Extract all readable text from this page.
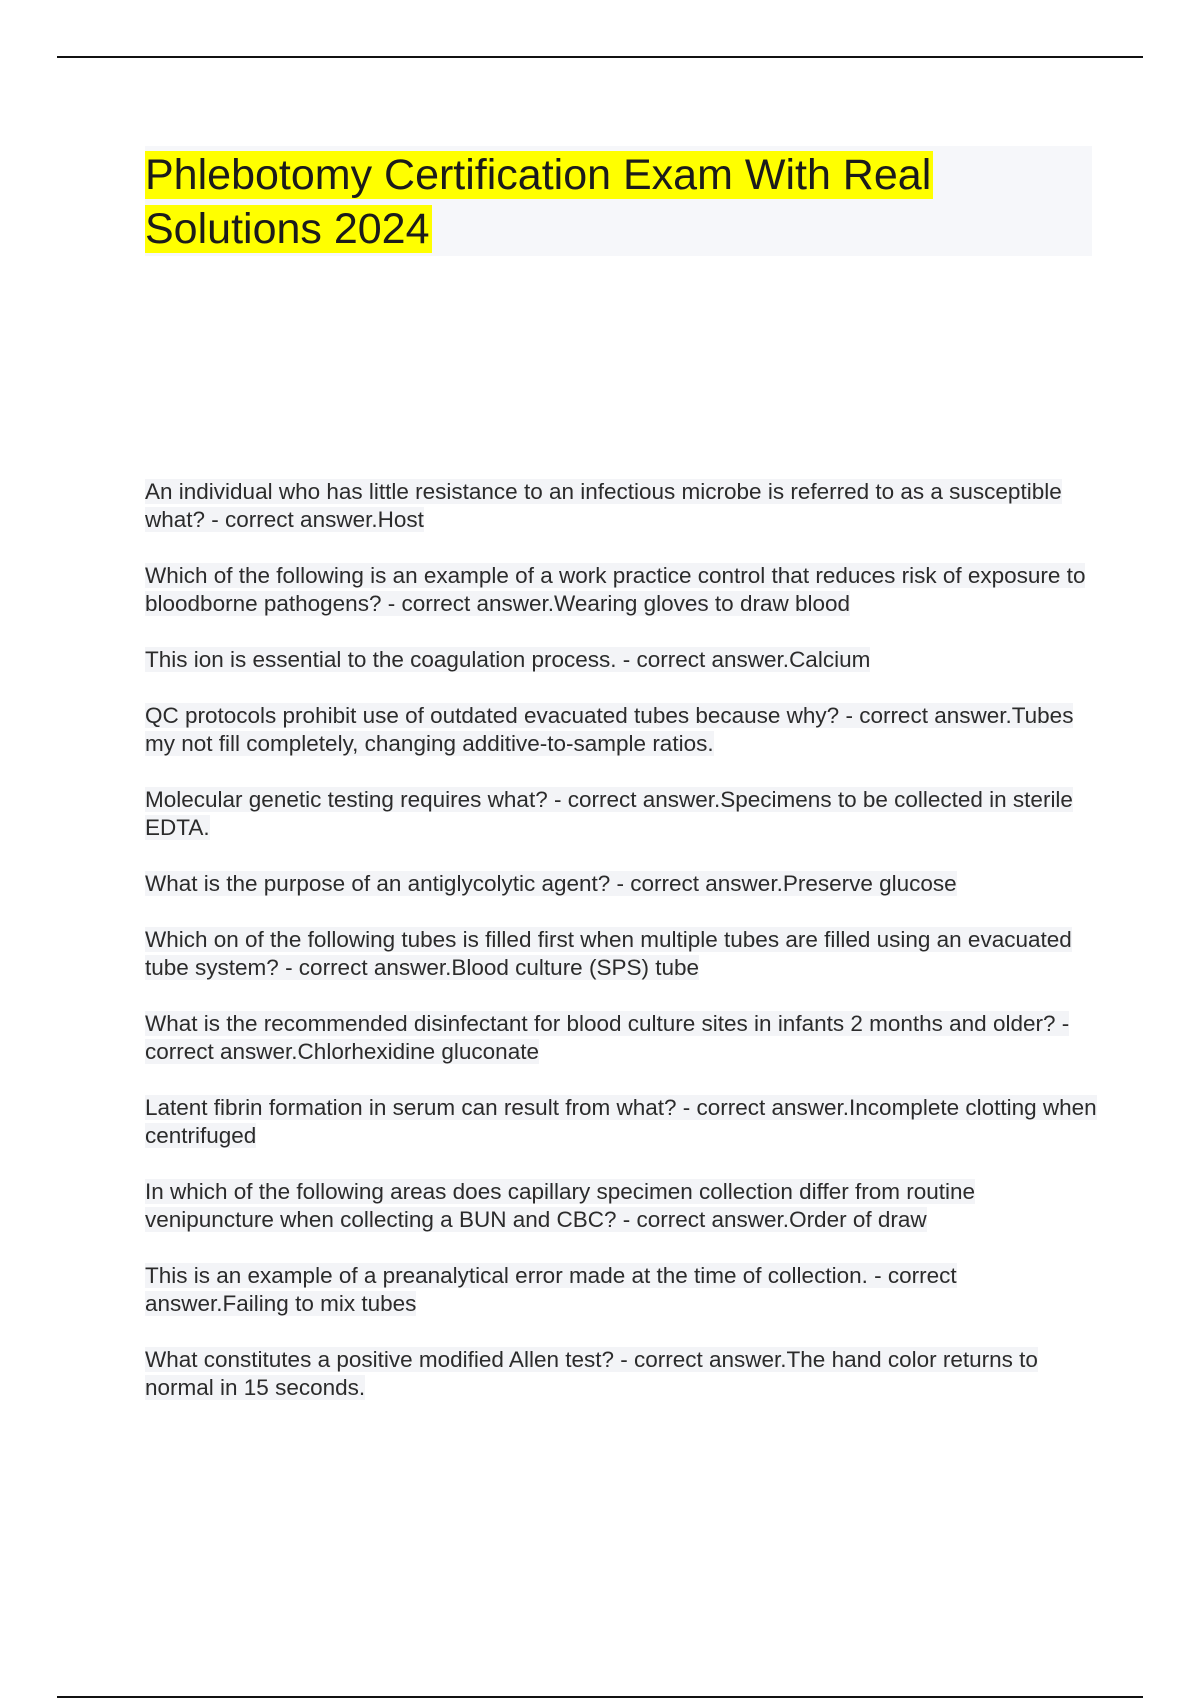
Phlebotomy Certification Exam With Real Solutions 2024
An individual who has little resistance to an infectious microbe is referred to as a susceptible what? - correct answer.Host
Which of the following is an example of a work practice control that reduces risk of exposure to bloodborne pathogens? - correct answer.Wearing gloves to draw blood
This ion is essential to the coagulation process. - correct answer.Calcium
QC protocols prohibit use of outdated evacuated tubes because why? - correct answer.Tubes my not fill completely, changing additive-to-sample ratios.
Molecular genetic testing requires what? - correct answer.Specimens to be collected in sterile EDTA.
What is the purpose of an antiglycolytic agent? - correct answer.Preserve glucose
Which on of the following tubes is filled first when multiple tubes are filled using an evacuated tube system? - correct answer.Blood culture (SPS) tube
What is the recommended disinfectant for blood culture sites in infants 2 months and older? - correct answer.Chlorhexidine gluconate
Latent fibrin formation in serum can result from what? - correct answer.Incomplete clotting when centrifuged
In which of the following areas does capillary specimen collection differ from routine venipuncture when collecting a BUN and CBC? - correct answer.Order of draw
This is an example of a preanalytical error made at the time of collection. - correct answer.Failing to mix tubes
What constitutes a positive modified Allen test? - correct answer.The hand color returns to normal in 15 seconds.
